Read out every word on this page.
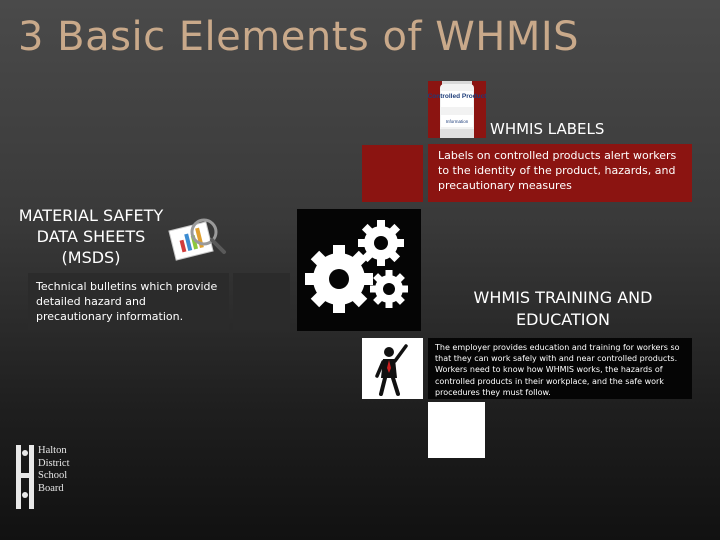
3 Basic Elements of WHMIS
Controlled Product
Information WHMIS LABELS
Labels on controlled products alert workers to the identity of the product, hazards, and precautionary measures
MATERIAL SAFETY DATA SHEETS (MSDS)
Technical bulletins which provide detailed hazard and precautionary information.
WHMIS TRAINING AND EDUCATION
The employer provides education and training for workers so that they can work safely with and near controlled products. Workers need to know how WHMIS works, the hazards of controlled products in their workplace, and the safe work procedures they must follow.
Halton
District
School
Board
